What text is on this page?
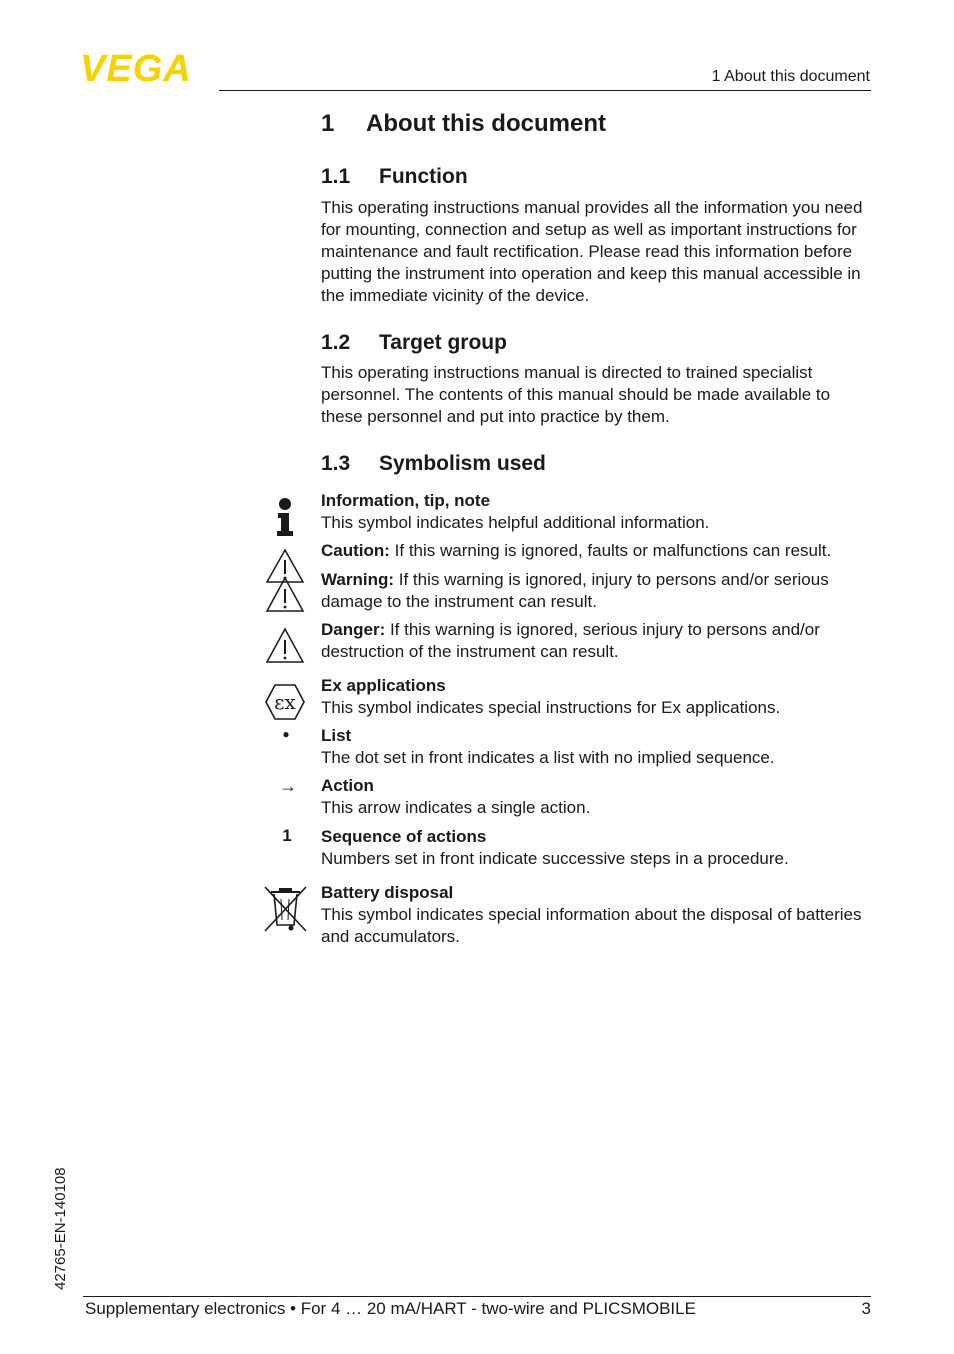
VEGA	1 About this document
1 About this document
1.1 Function

This operating instructions manual provides all the information you need for mounting, connection and setup as well as important instructions for maintenance and fault rectification. Please read this information before putting the instrument into operation and keep this manual accessible in the immediate vicinity of the device.

1.2 Target group

This operating instructions manual is directed to trained specialist personnel. The contents of this manual should be made available to these personnel and put into practice by them.

1.3 Symbolism used
Information, tip, note
This symbol indicates helpful additional information.
Caution: If this warning is ignored, faults or malfunctions can result.
Warning: If this warning is ignored, injury to persons and/or serious damage to the instrument can result.
Danger: If this warning is ignored, serious injury to persons and/or destruction of the instrument can result.
εx
Ex applications
This symbol indicates special instructions for Ex applications.
●	List
The dot set in front indicates a list with no implied sequence.
→ Action
This arrow indicates a single action.
1	Sequence of actions
Numbers set in front indicate successive steps in a procedure.
Battery disposal
This symbol indicates special information about the disposal of batteries and accumulators.
42765-EN-140108
Supplementary electronics • For 4 … 20 mA/HART - two-wire and PLICSMOBILE	3
